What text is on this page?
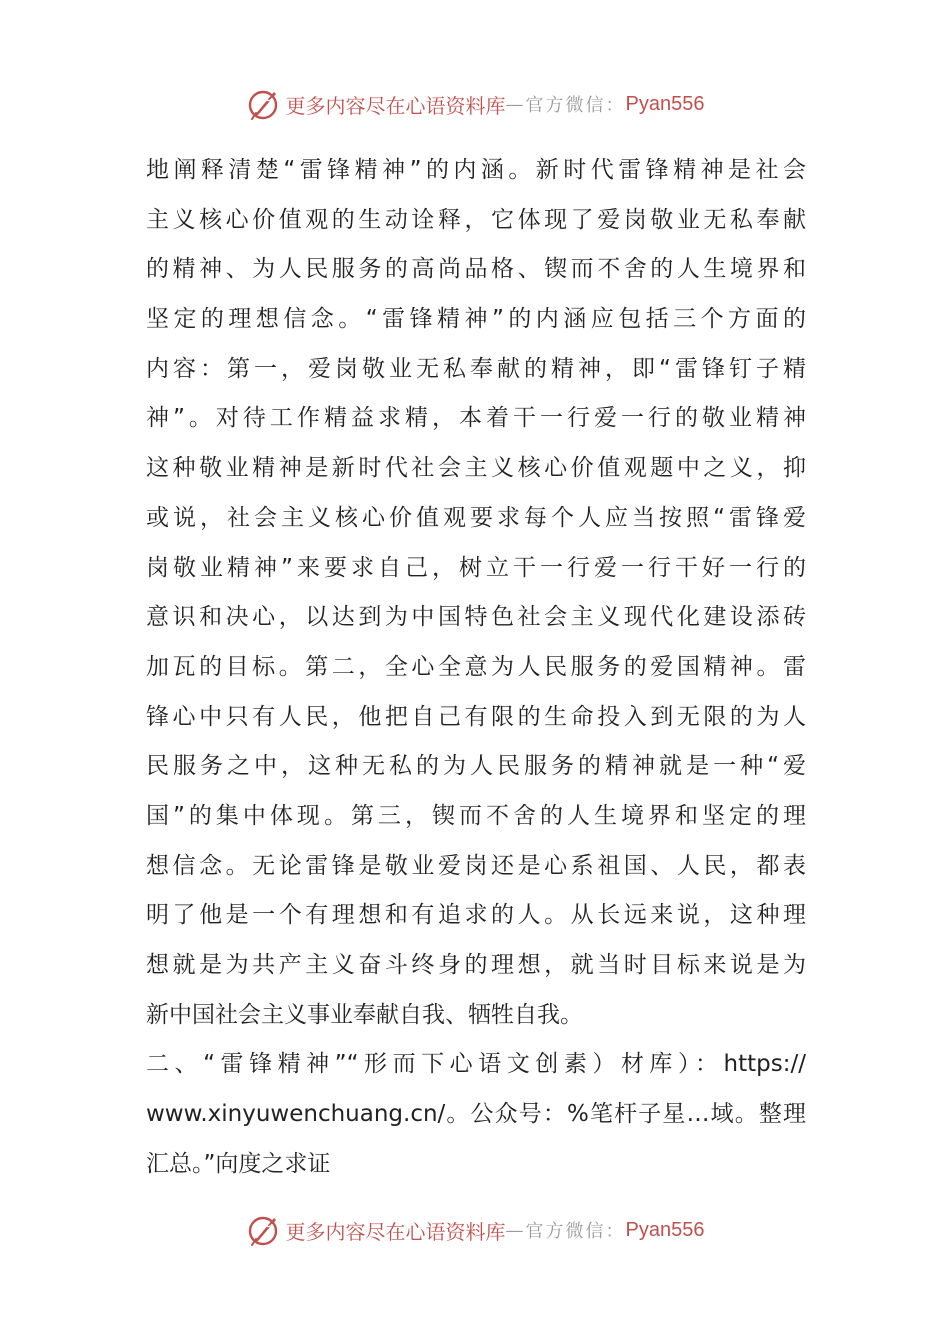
更多内容尽在心语资料库 — 官方微信： Pyan556
地阐释清楚“雷锋精神”的内涵。新时代雷锋精神是社会
主义核心价值观的生动诠释，它体现了爱岗敬业无私奉献
的精神、为人民服务的高尚品格、锲而不舍的人生境界和
坚定的理想信念。“雷锋精神”的内涵应包括三个方面的
内容：第一，爱岗敬业无私奉献的精神，即“雷锋钉子精
神”。对待工作精益求精，本着干一行爱一行的敬业精神
这种敬业精神是新时代社会主义核心价值观题中之义，抑
或说，社会主义核心价值观要求每个人应当按照“雷锋爱
岗敬业精神”来要求自己，树立干一行爱一行干好一行的
意识和决心，以达到为中国特色社会主义现代化建设添砖
加瓦的目标。第二，全心全意为人民服务的爱国精神。雷
锋心中只有人民，他把自己有限的生命投入到无限的为人
民服务之中，这种无私的为人民服务的精神就是一种“爱
国”的集中体现。第三，锲而不舍的人生境界和坚定的理
想信念。无论雷锋是敬业爱岗还是心系祖国、人民，都表
明了他是一个有理想和有追求的人。从长远来说，这种理
想就是为共产主义奋斗终身的理想，就当时目标来说是为
新中国社会主义事业奉献自我、牺牲自我。
二、“雷锋精神”“形而下心语文创素）材库）：https://
www.xinyuwenchuang.cn/。公众号：%笔杆子星…域。整理
汇总。”向度之求证
更多内容尽在心语资料库 — 官方微信： Pyan556
